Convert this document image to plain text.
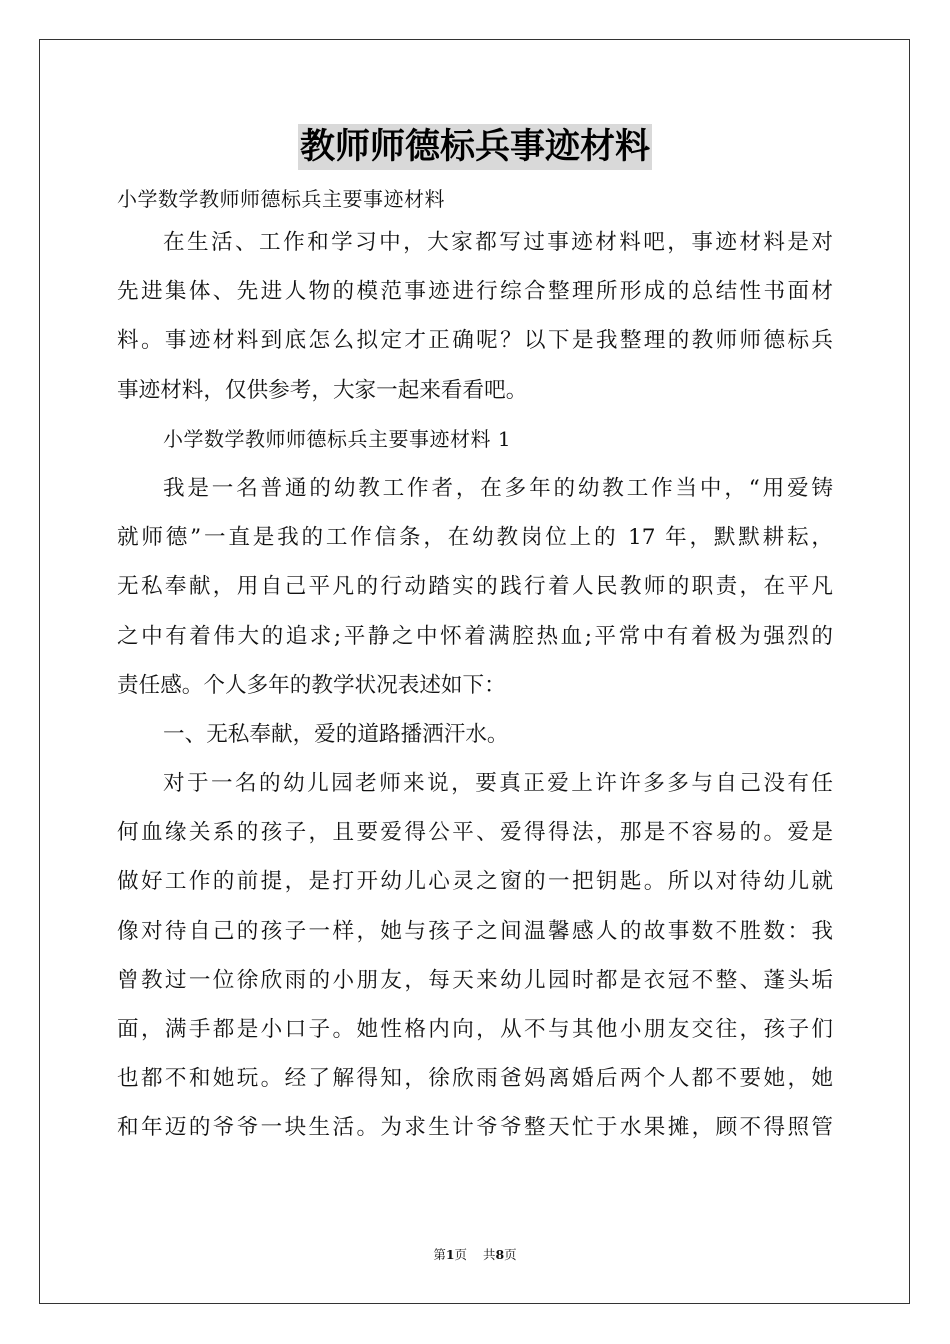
教师师德标兵事迹材料
小学数学教师师德标兵主要事迹材料
在生活、工作和学习中，大家都写过事迹材料吧，事迹材料是对
先进集体、先进人物的模范事迹进行综合整理所形成的总结性书面材
料。事迹材料到底怎么拟定才正确呢？以下是我整理的教师师德标兵
事迹材料，仅供参考，大家一起来看看吧。
小学数学教师师德标兵主要事迹材料 1
我是一名普通的幼教工作者，在多年的幼教工作当中，“用爱铸
就师德”一直是我的工作信条，在幼教岗位上的 17 年，默默耕耘，
无私奉献，用自己平凡的行动踏实的践行着人民教师的职责，在平凡
之中有着伟大的追求;平静之中怀着满腔热血;平常中有着极为强烈的
责任感。个人多年的教学状况表述如下：
一、无私奉献，爱的道路播洒汗水。
对于一名的幼儿园老师来说，要真正爱上许许多多与自己没有任
何血缘关系的孩子，且要爱得公平、爱得得法，那是不容易的。爱是
做好工作的前提，是打开幼儿心灵之窗的一把钥匙。所以对待幼儿就
像对待自己的孩子一样，她与孩子之间温馨感人的故事数不胜数：我
曾教过一位徐欣雨的小朋友，每天来幼儿园时都是衣冠不整、蓬头垢
面，满手都是小口子。她性格内向，从不与其他小朋友交往，孩子们
也都不和她玩。经了解得知，徐欣雨爸妈离婚后两个人都不要她，她
和年迈的爷爷一块生活。为求生计爷爷整天忙于水果摊，顾不得照管
第1页 共8页
